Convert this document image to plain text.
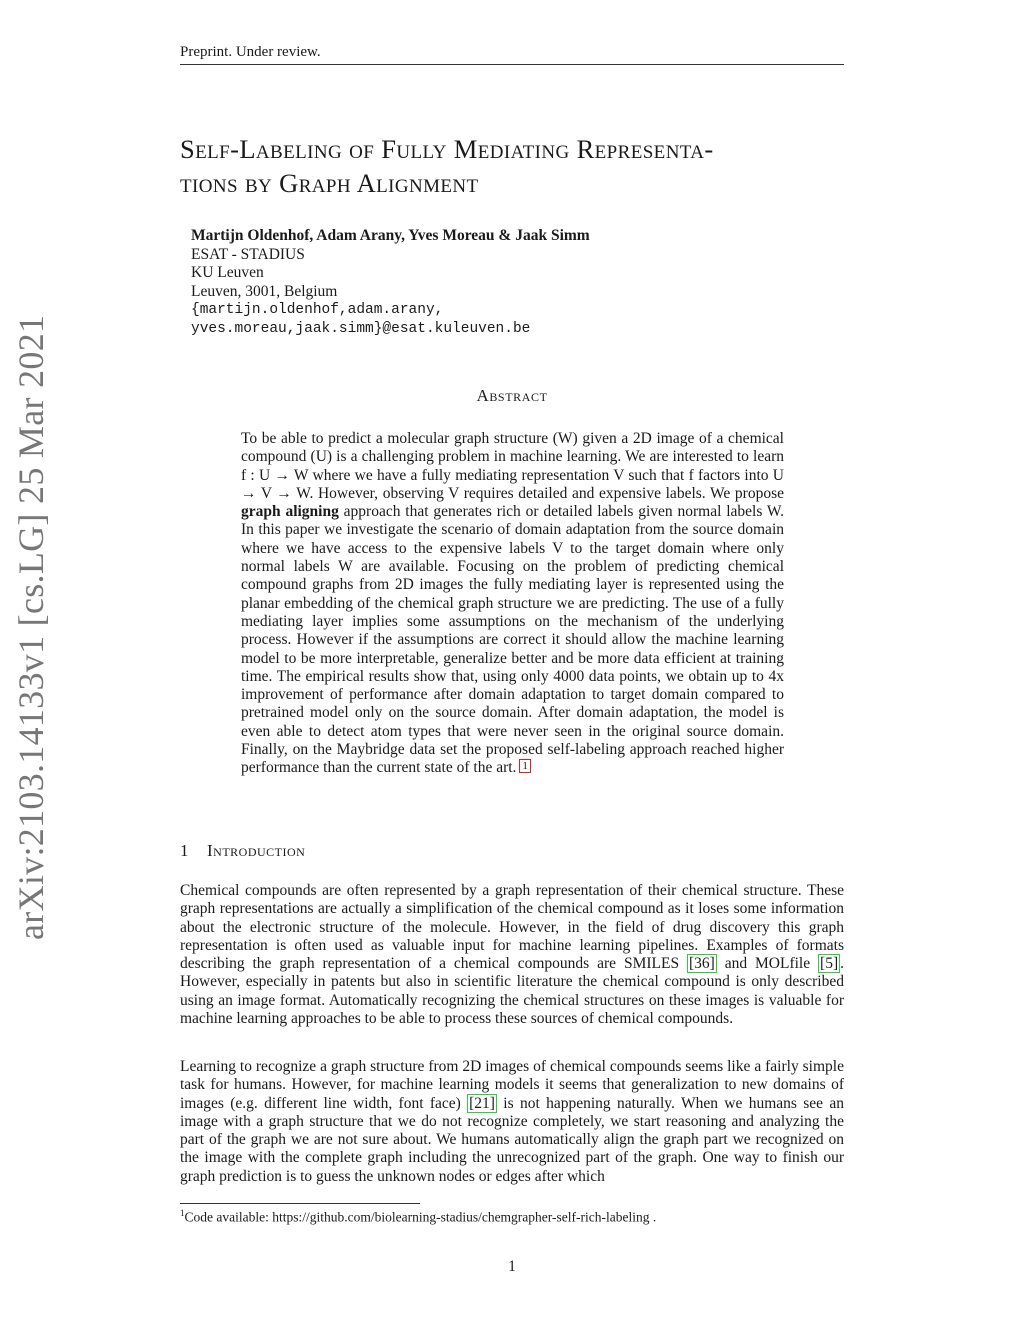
Preprint. Under review.
arXiv:2103.14133v1 [cs.LG] 25 Mar 2021
Self-Labeling of Fully Mediating Representa-
tions by Graph Alignment
Martijn Oldenhof, Adam Arany, Yves Moreau & Jaak Simm
ESAT - STADIUS
KU Leuven
Leuven, 3001, Belgium
{martijn.oldenhof,adam.arany,
yves.moreau,jaak.simm}@esat.kuleuven.be
Abstract
To be able to predict a molecular graph structure (W) given a 2D image of a chemical compound (U) is a challenging problem in machine learning. We are interested to learn f : U → W where we have a fully mediating representation V such that f factors into U → V → W. However, observing V requires detailed and expensive labels. We propose graph aligning approach that generates rich or detailed labels given normal labels W. In this paper we investigate the scenario of domain adaptation from the source domain where we have access to the expensive labels V to the target domain where only normal labels W are available. Focusing on the problem of predicting chemical compound graphs from 2D images the fully mediating layer is represented using the planar embedding of the chemical graph structure we are predicting. The use of a fully mediating layer implies some assumptions on the mechanism of the underlying process. However if the assumptions are correct it should allow the machine learning model to be more interpretable, generalize better and be more data efficient at training time. The empirical results show that, using only 4000 data points, we obtain up to 4x improvement of performance after domain adaptation to target domain compared to pretrained model only on the source domain. After domain adaptation, the model is even able to detect atom types that were never seen in the original source domain. Finally, on the Maybridge data set the proposed self-labeling approach reached higher performance than the current state of the art. $^1$
1 Introduction
Chemical compounds are often represented by a graph representation of their chemical structure. These graph representations are actually a simplification of the chemical compound as it loses some information about the electronic structure of the molecule. However, in the field of drug discovery this graph representation is often used as valuable input for machine learning pipelines. Examples of formats describing the graph representation of a chemical compounds are SMILES [36] and MOLfile [5] . However, especially in patents but also in scientific literature the chemical compound is only described using an image format. Automatically recognizing the chemical structures on these images is valuable for machine learning approaches to be able to process these sources of chemical compounds.
Learning to recognize a graph structure from 2D images of chemical compounds seems like a fairly simple task for humans. However, for machine learning models it seems that generalization to new domains of images (e.g. different line width, font face) [21] is not happening naturally. When we humans see an image with a graph structure that we do not recognize completely, we start reasoning and analyzing the part of the graph we are not sure about. We humans automatically align the graph part we recognized on the image with the complete graph including the unrecognized part of the graph. One way to finish our graph prediction is to guess the unknown nodes or edges after which
$^1$Code available: https://github.com/biolearning-stadius/chemgrapher-self-rich-labeling .
1
